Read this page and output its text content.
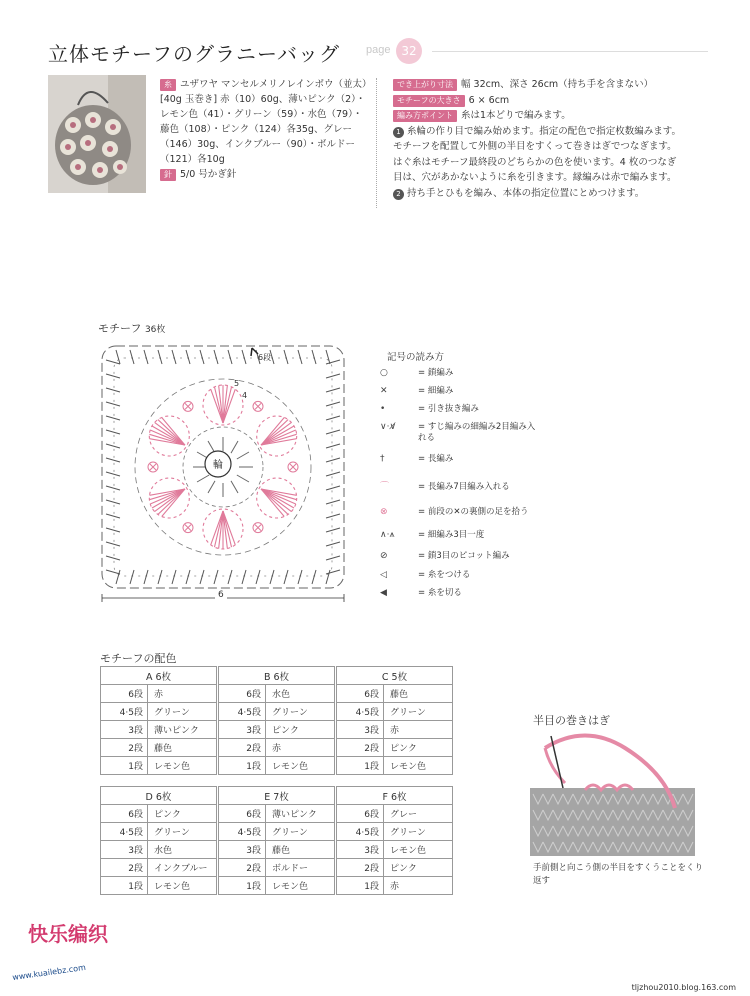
立体モチーフのグラニーバッグ page 32
糸 ユザワヤ マンセルメリノレインボウ（並太）[40g 玉巻き] 赤（10）60g、薄いピンク（2）・レモン色（41）・グリーン（59）・水色（79）・藤色（108）・ピンク（124）各35g、グレー（146）30g、インクブルー（90）・ボルドー（121）各10g
針 5/0 号かぎ針
でき上がり寸法 幅 32cm、深さ 26cm（持ち手を含まない）
モチーフの大きさ 6 × 6cm
編み方ポイント 糸は1本どりで編みます。
1 糸輪の作り目で編み始めます。指定の配色で指定枚数編みます。モチーフを配置して外側の半目をすくって巻きはぎでつなぎます。はぐ糸はモチーフ最終段のどちらかの色を使います。4 枚のつなぎ目は、穴があかないように糸を引きます。縁編みは赤で編みます。
2 持ち手とひもを編み、本体の指定位置にとめつけます。
モチーフ 36枚
輪
5
4
6段
6
記号の読み方
○	= 鎖編み
✕	= 細編み
•	= 引き抜き編み
∨·∨̸	= すじ編みの細編み2目編み入れる
†	= 長編み
⌒	= 長編み7目編み入れる
⊗	= 前段の✕の裏側の足を拾う
∧·⩚	= 細編み3目一度
⊘	= 鎖3目のピコット編み
◁	= 糸をつける
◀	= 糸を切る
モチーフの配色
A 6枚	
6段	赤
4·5段	グリーン
3段	薄いピンク
2段	藤色
1段	レモン色
B 6枚	
6段	水色
4·5段	グリーン
3段	ピンク
2段	赤
1段	レモン色
C 5枚	
6段	藤色
4·5段	グリーン
3段	赤
2段	ピンク
1段	レモン色
D 6枚	
6段	ピンク
4·5段	グリーン
3段	水色
2段	インクブルー
1段	レモン色
E 7枚	
6段	薄いピンク
4·5段	グリーン
3段	藤色
2段	ボルドー
1段	レモン色
F 6枚	
6段	グレー
4·5段	グリーン
3段	レモン色
2段	ピンク
1段	赤
半目の巻きはぎ
手前側と向こう側の半目をすくうことをくり返す
快乐编织
www.kuailebz.com
tljzhou2010.blog.163.com
